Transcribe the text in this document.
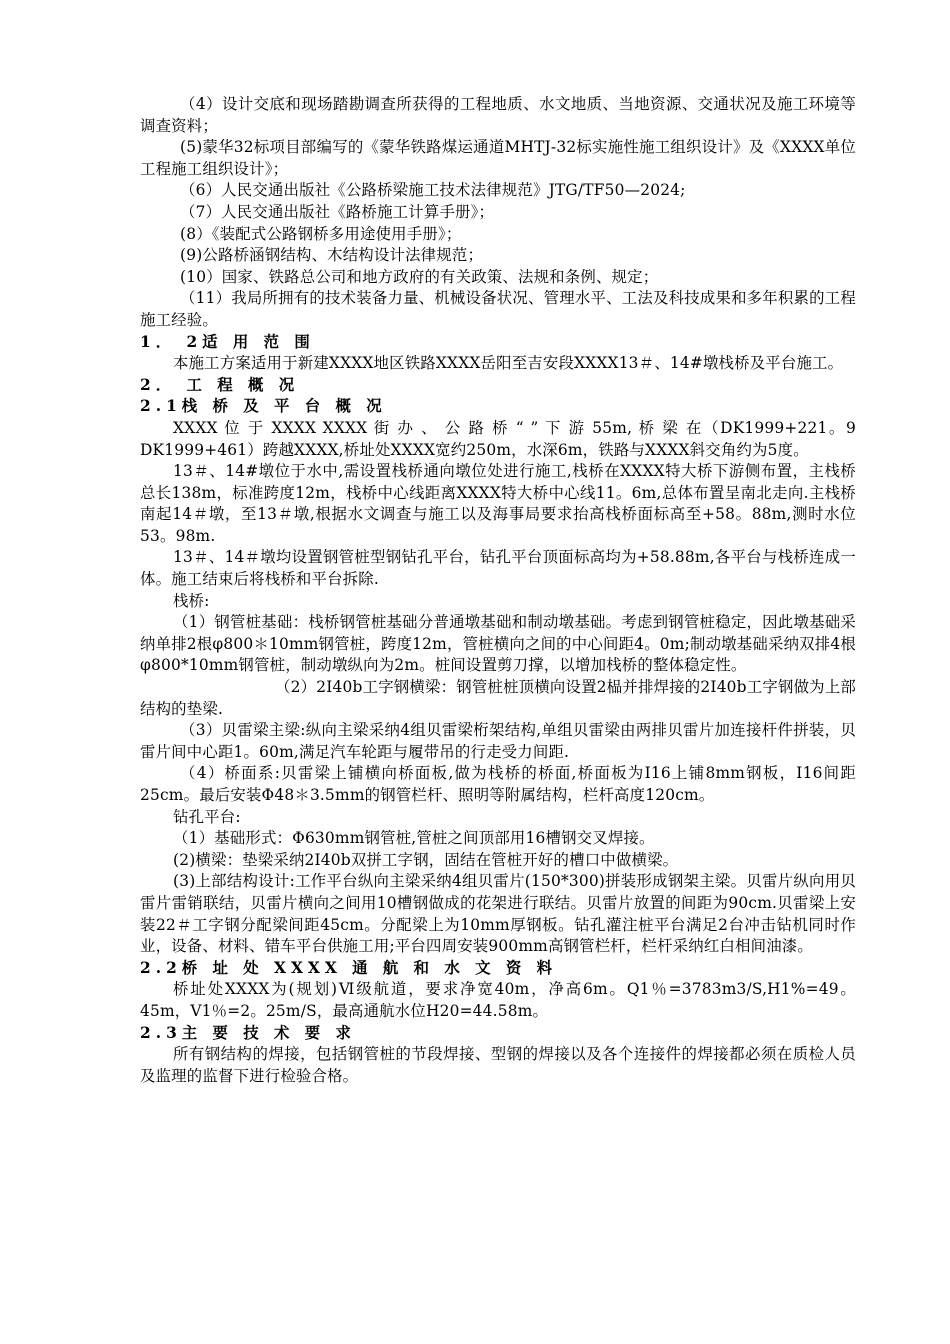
（4）设计交底和现场踏勘调查所获得的工程地质、水文地质、当地资源、交通状况及施工环境等调查资料；

(5)蒙华32标项目部编写的《蒙华铁路煤运通道MHTJ-32标实施性施工组织设计》及《XXXX单位工程施工组织设计》；

（6）人民交通出版社《公路桥梁施工技术法律规范》JTG/TF50—2024;

（7）人民交通出版社《路桥施工计算手册》；

(8）《装配式公路钢桥多用途使用手册》；

(9)公路桥涵钢结构、木结构设计法律规范；

(10）国家、铁路总公司和地方政府的有关政策、法规和条例、规定；

（11）我局所拥有的技术装备力量、机械设备状况、管理水平、工法及科技成果和多年积累的工程施工经验。

1． 2适 用 范 围

本施工方案适用于新建XXXX地区铁路XXXX岳阳至吉安段XXXX13＃、14#墩栈桥及平台施工。

2． 工 程 概 况

2.1栈 桥 及 平 台 概 况

XXXX 位 于 XXXX XXXX 街 办 、 公 路 桥 “ ” 下 游 55m, 桥 梁 在（DK1999+221。9 DK1999+461）跨越XXXX,桥址处XXXX宽约250m，水深6m，铁路与XXXX斜交角约为5度。

13＃、14#墩位于水中,需设置栈桥通向墩位处进行施工,栈桥在XXXX特大桥下游侧布置，主栈桥总长138m，标准跨度12m，栈桥中心线距离XXXX特大桥中心线11。6m,总体布置呈南北走向.主栈桥南起14＃墩，至13＃墩,根据水文调查与施工以及海事局要求抬高栈桥面标高至+58。88m,测时水位53。98m.

13＃、14＃墩均设置钢管桩型钢钻孔平台，钻孔平台顶面标高均为+58.88m,各平台与栈桥连成一体。施工结束后将栈桥和平台拆除.

栈桥:

（1）钢管桩基础：栈桥钢管桩基础分普通墩基础和制动墩基础。考虑到钢管桩稳定，因此墩基础采纳单排2根φ800＊10mm钢管桩，跨度12m，管桩横向之间的中心间距4。0m;制动墩基础采纳双排4根φ800*10mm钢管桩，制动墩纵向为2m。桩间设置剪刀撑，以增加栈桥的整体稳定性。

（2）2Ⅰ40b工字钢横梁：钢管桩桩顶横向设置2榀并排焊接的2Ⅰ40b工字钢做为上部结构的垫梁.

（3）贝雷梁主梁:纵向主梁采纳4组贝雷梁桁架结构,单组贝雷梁由两排贝雷片加连接杆件拼装，贝雷片间中心距1。60m,满足汽车轮距与履带吊的行走受力间距.

（4）桥面系:贝雷梁上铺横向桥面板,做为栈桥的桥面,桥面板为I16上铺8mm钢板，I16间距25cm。最后安装Φ48＊3.5mm的钢管栏杆、照明等附属结构，栏杆高度120cm。

钻孔平台:

（1）基础形式：Φ630mm钢管桩,管桩之间顶部用16槽钢交叉焊接。

(2)横梁：垫梁采纳2I40b双拼工字钢，固结在管桩开好的槽口中做横梁。

(3)上部结构设计:工作平台纵向主梁采纳4组贝雷片(150*300)拼装形成钢架主梁。贝雷片纵向用贝雷片雷销联结，贝雷片横向之间用10槽钢做成的花架进行联结。贝雷片放置的间距为90cm.贝雷梁上安装22＃工字钢分配梁间距45cm。分配梁上为10mm厚钢板。钻孔灌注桩平台满足2台冲击钻机同时作业，设备、材料、错车平台供施工用;平台四周安装900mm高钢管栏杆，栏杆采纳红白相间油漆。

2.2桥 址 处 XXXX 通 航 和 水 文 资 料

桥址处XXXX为(规划)Ⅵ级航道，要求净宽40m，净高6m。Q1％=3783m3/S,H1%=49。45m，V1％=2。25m/S，最高通航水位H20=44.58m。

2.3主 要 技 术 要 求

所有钢结构的焊接，包括钢管桩的节段焊接、型钢的焊接以及各个连接件的焊接都必须在质检人员及监理的监督下进行检验合格。
